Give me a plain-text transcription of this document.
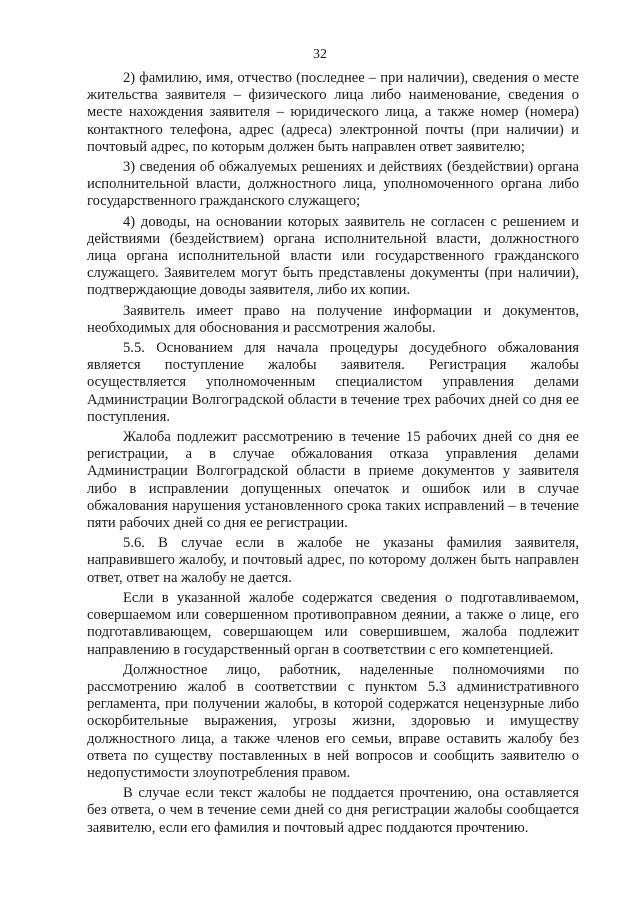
32

2) фамилию, имя, отчество (последнее – при наличии), сведения о месте жительства заявителя – физического лица либо наименование, сведения о месте нахождения заявителя – юридического лица, а также номер (номера) контактного телефона, адрес (адреса) электронной почты (при наличии) и почтовый адрес, по которым должен быть направлен ответ заявителю;

3) сведения об обжалуемых решениях и действиях (бездействии) органа исполнительной власти, должностного лица, уполномоченного органа либо государственного гражданского служащего;

4) доводы, на основании которых заявитель не согласен с решением и действиями (бездействием) органа исполнительной власти, должностного лица органа исполнительной власти или государственного гражданского служащего. Заявителем могут быть представлены документы (при наличии), подтверждающие доводы заявителя, либо их копии.

Заявитель имеет право на получение информации и документов, необходимых для обоснования и рассмотрения жалобы.

5.5. Основанием для начала процедуры досудебного обжалования является поступление жалобы заявителя. Регистрация жалобы осуществляется уполномоченным специалистом управления делами Администрации Волгоградской области в течение трех рабочих дней со дня ее поступления.

Жалоба подлежит рассмотрению в течение 15 рабочих дней со дня ее регистрации, а в случае обжалования отказа управления делами Администрации Волгоградской области в приеме документов у заявителя либо в исправлении допущенных опечаток и ошибок или в случае обжалования нарушения установленного срока таких исправлений – в течение пяти рабочих дней со дня ее регистрации.

5.6. В случае если в жалобе не указаны фамилия заявителя, направившего жалобу, и почтовый адрес, по которому должен быть направлен ответ, ответ на жалобу не дается.

Если в указанной жалобе содержатся сведения о подготавливаемом, совершаемом или совершенном противоправном деянии, а также о лице, его подготавливающем, совершающем или совершившем, жалоба подлежит направлению в государственный орган в соответствии с его компетенцией.

Должностное лицо, работник, наделенные полномочиями по рассмотрению жалоб в соответствии с пунктом 5.3 административного регламента, при получении жалобы, в которой содержатся нецензурные либо оскорбительные выражения, угрозы жизни, здоровью и имуществу должностного лица, а также членов его семьи, вправе оставить жалобу без ответа по существу поставленных в ней вопросов и сообщить заявителю о недопустимости злоупотребления правом.

В случае если текст жалобы не поддается прочтению, она оставляется без ответа, о чем в течение семи дней со дня регистрации жалобы сообщается заявителю, если его фамилия и почтовый адрес поддаются прочтению.
